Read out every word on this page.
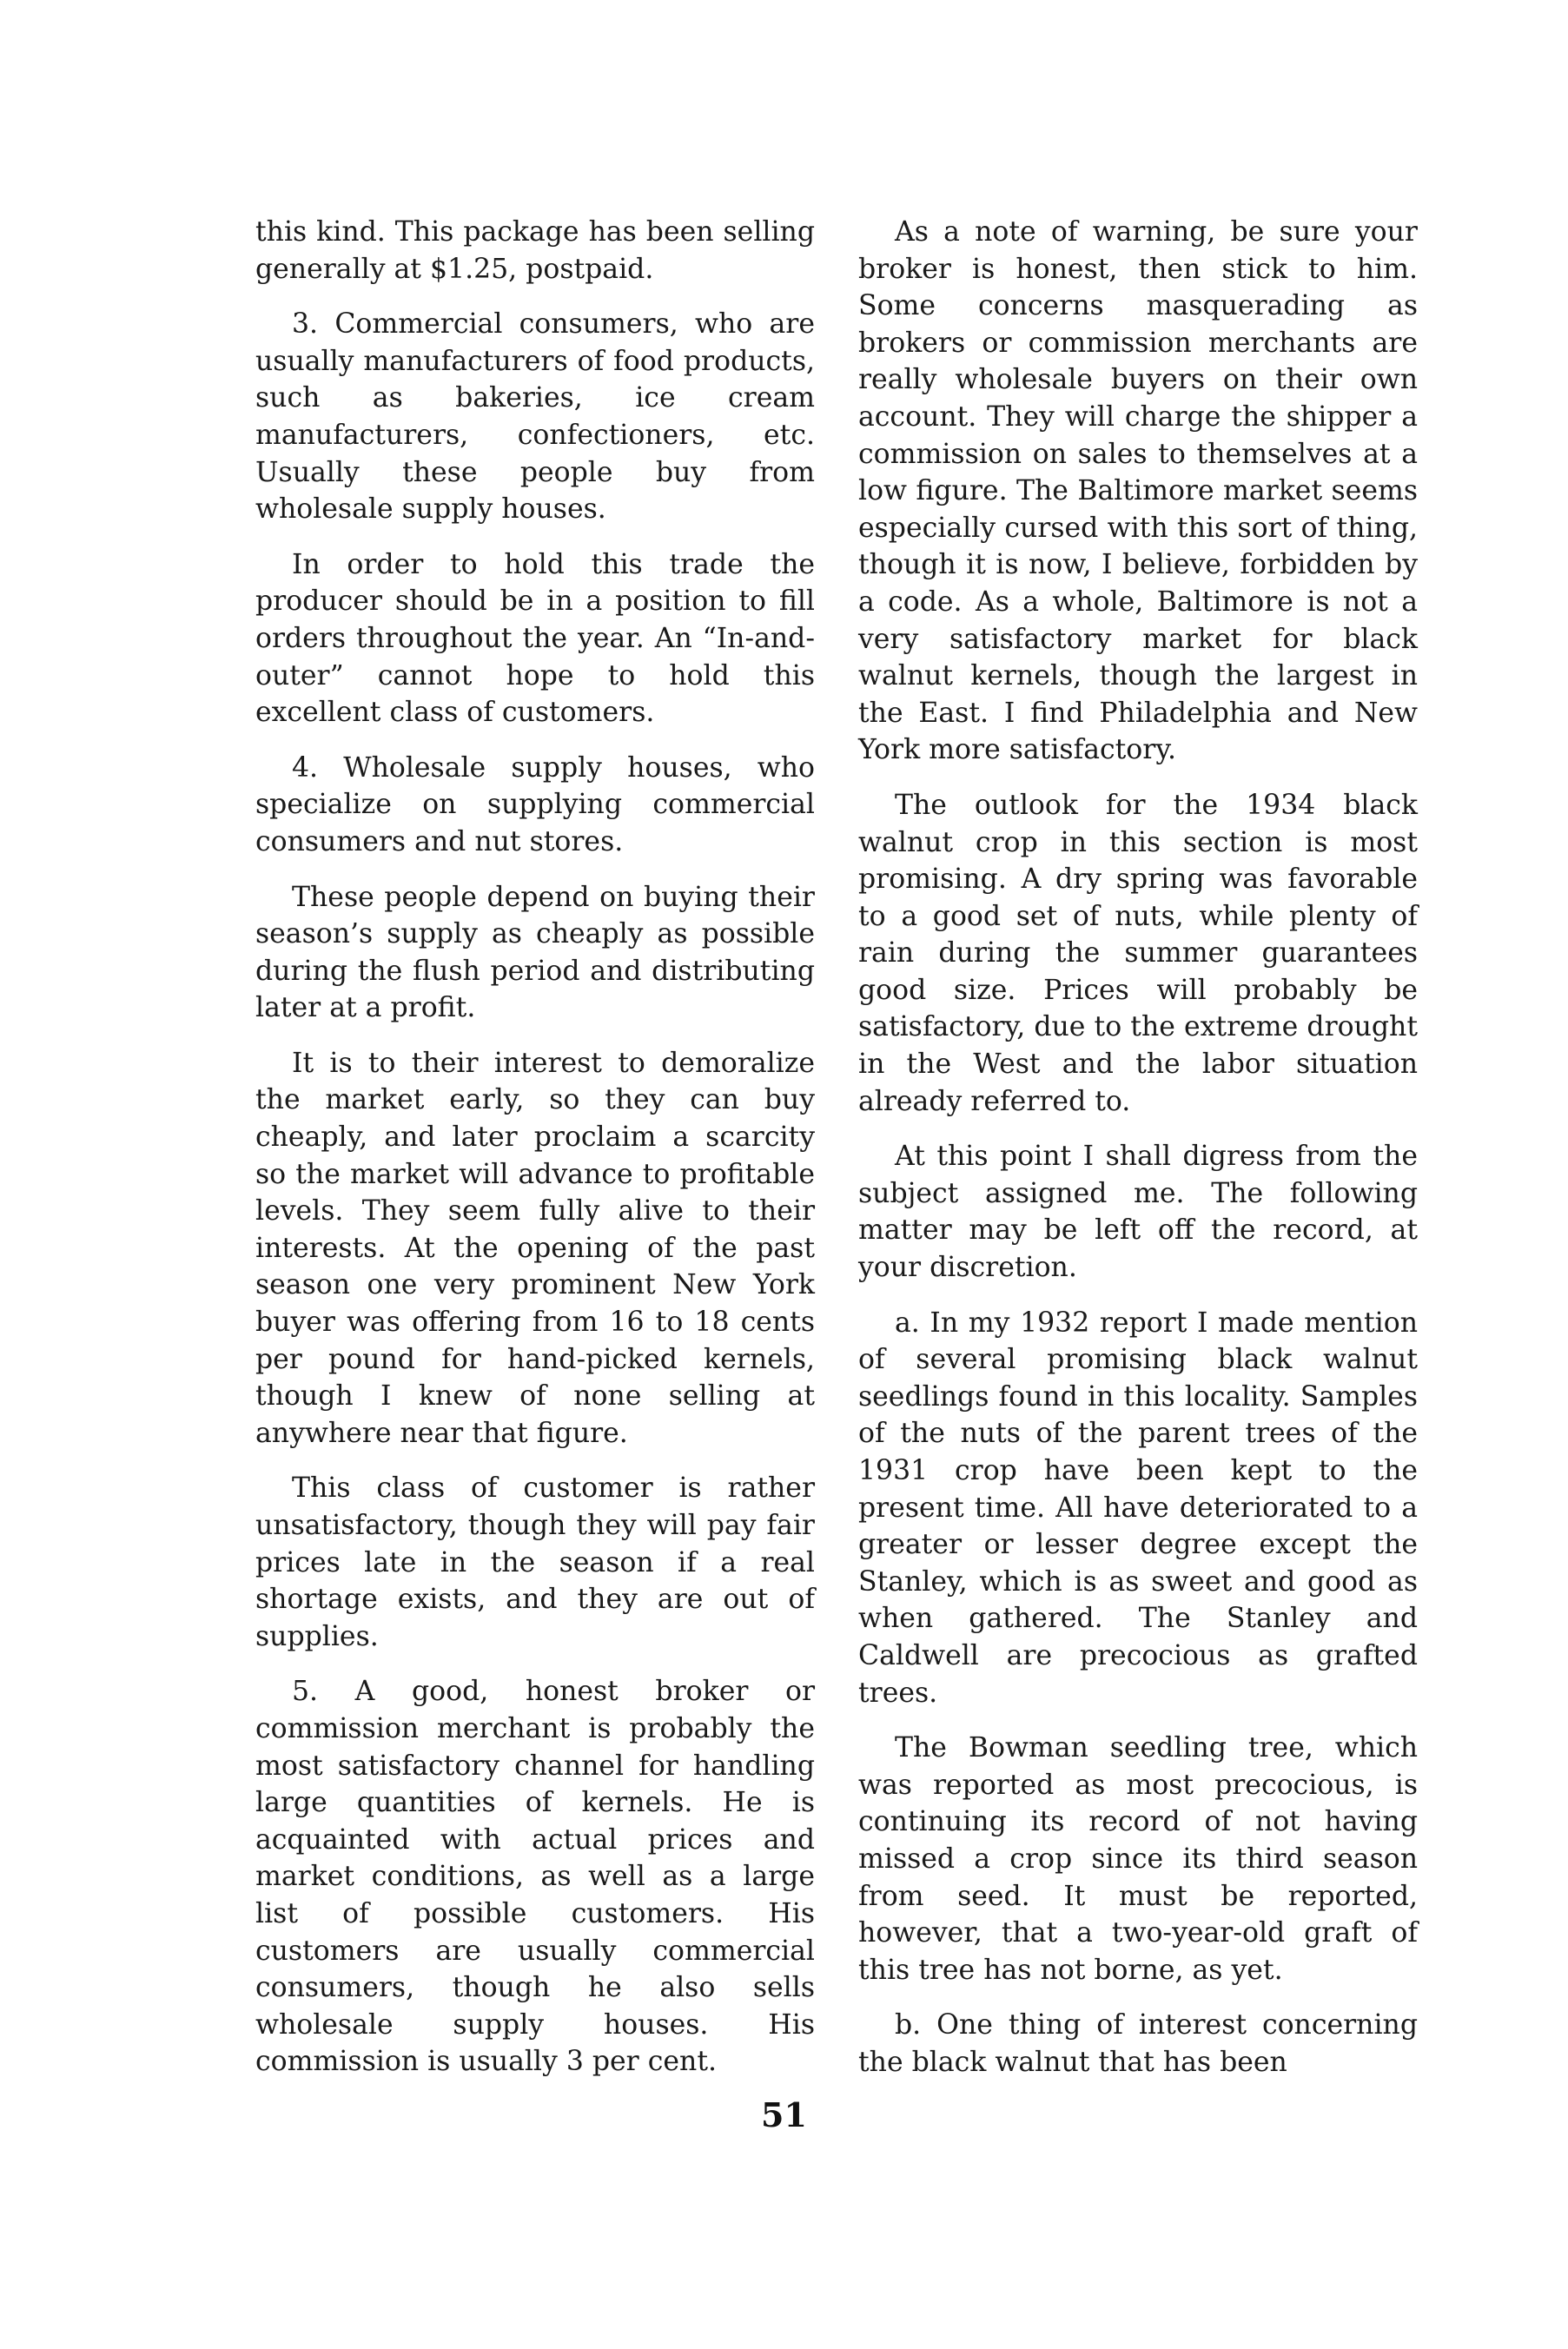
this kind. This package has been selling generally at $1.25, postpaid.

3. Commercial consumers, who are usually manufacturers of food products, such as bakeries, ice cream manufacturers, confectioners, etc. Usually these people buy from wholesale supply houses.

In order to hold this trade the producer should be in a position to fill orders throughout the year. An “In-and-outer” cannot hope to hold this excellent class of customers.

4. Wholesale supply houses, who specialize on supplying commercial consumers and nut stores.

These people depend on buying their season’s supply as cheaply as possible during the flush period and distributing later at a profit.

It is to their interest to demoralize the market early, so they can buy cheaply, and later proclaim a scarcity so the market will advance to profitable levels. They seem fully alive to their interests. At the opening of the past season one very prominent New York buyer was offering from 16 to 18 cents per pound for hand-picked kernels, though I knew of none selling at anywhere near that figure.

This class of customer is rather unsatisfactory, though they will pay fair prices late in the season if a real shortage exists, and they are out of supplies.

5. A good, honest broker or commission merchant is probably the most satisfactory channel for handling large quantities of kernels. He is acquainted with actual prices and market conditions, as well as a large list of possible customers. His customers are usually commercial consumers, though he also sells wholesale supply houses. His commission is usually 3 per cent.

As a note of warning, be sure your broker is honest, then stick to him. Some concerns masquerading as brokers or commission merchants are really wholesale buyers on their own account. They will charge the shipper a commission on sales to themselves at a low figure. The Baltimore market seems especially cursed with this sort of thing, though it is now, I believe, forbidden by a code. As a whole, Baltimore is not a very satisfactory market for black walnut kernels, though the largest in the East. I find Philadelphia and New York more satisfactory.

The outlook for the 1934 black walnut crop in this section is most promising. A dry spring was favorable to a good set of nuts, while plenty of rain during the summer guarantees good size. Prices will probably be satisfactory, due to the extreme drought in the West and the labor situation already referred to.

At this point I shall digress from the subject assigned me. The following matter may be left off the record, at your discretion.

a. In my 1932 report I made mention of several promising black walnut seedlings found in this locality. Samples of the nuts of the parent trees of the 1931 crop have been kept to the present time. All have deteriorated to a greater or lesser degree except the Stanley, which is as sweet and good as when gathered. The Stanley and Caldwell are precocious as grafted trees.

The Bowman seedling tree, which was reported as most precocious, is continuing its record of not having missed a crop since its third season from seed. It must be reported, however, that a two-year-old graft of this tree has not borne, as yet.

b. One thing of interest concerning the black walnut that has been

51
